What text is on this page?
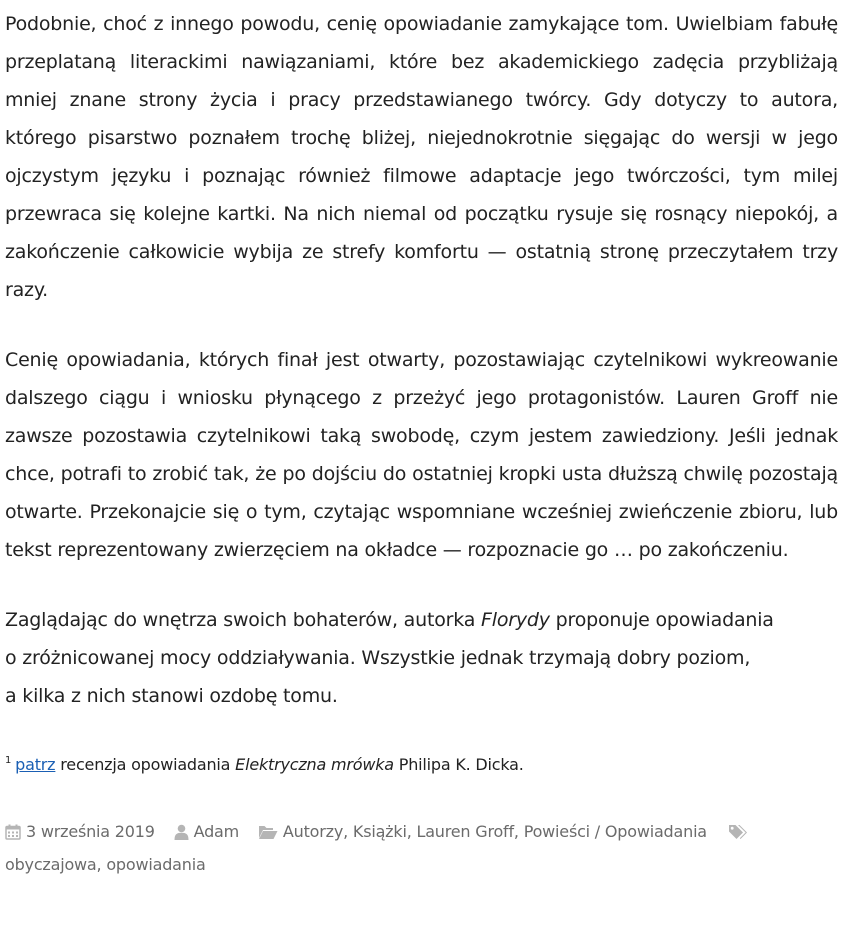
Podobnie, choć z innego powodu, cenię opowiadanie zamykające tom. Uwielbiam fabułę przeplataną literackimi nawiązaniami, które bez akademickiego zadęcia przybliżają mniej znane strony życia i pracy przedstawianego twórcy. Gdy dotyczy to autora, którego pisarstwo poznałem trochę bliżej, niejednokrotnie sięgając do wersji w jego ojczystym języku i poznając również filmowe adaptacje jego twórczości, tym milej przewraca się kolejne kartki. Na nich niemal od początku rysuje się rosnący niepokój, a zakończenie całkowicie wybija ze strefy komfortu — ostatnią stronę przeczytałem trzy razy.

Cenię opowiadania, których finał jest otwarty, pozostawiając czytelnikowi wykreowanie dalszego ciągu i wniosku płynącego z przeżyć jego protagonistów. Lauren Groff nie zawsze pozostawia czytelnikowi taką swobodę, czym jestem zawiedziony. Jeśli jednak chce, potrafi to zrobić tak, że po dojściu do ostatniej kropki usta dłuższą chwilę pozostają otwarte. Przekonajcie się o tym, czytając wspomniane wcześniej zwieńczenie zbioru, lub tekst reprezentowany zwierzęciem na okładce — rozpoznacie go … po zakończeniu.

Zaglądając do wnętrza swoich bohaterów, autorka Florydy proponuje opowiadania
o zróżnicowanej mocy oddziaływania. Wszystkie jednak trzymają dobry poziom,
a kilka z nich stanowi ozdobę tomu.

$^1$ patrz recenzja opowiadania Elektryczna mrówka Philipa K. Dicka.
3 września 2019 Adam	Autorzy, Książki, Lauren Groff, Powieści / Opowiadania
obyczajowa, opowiadania
